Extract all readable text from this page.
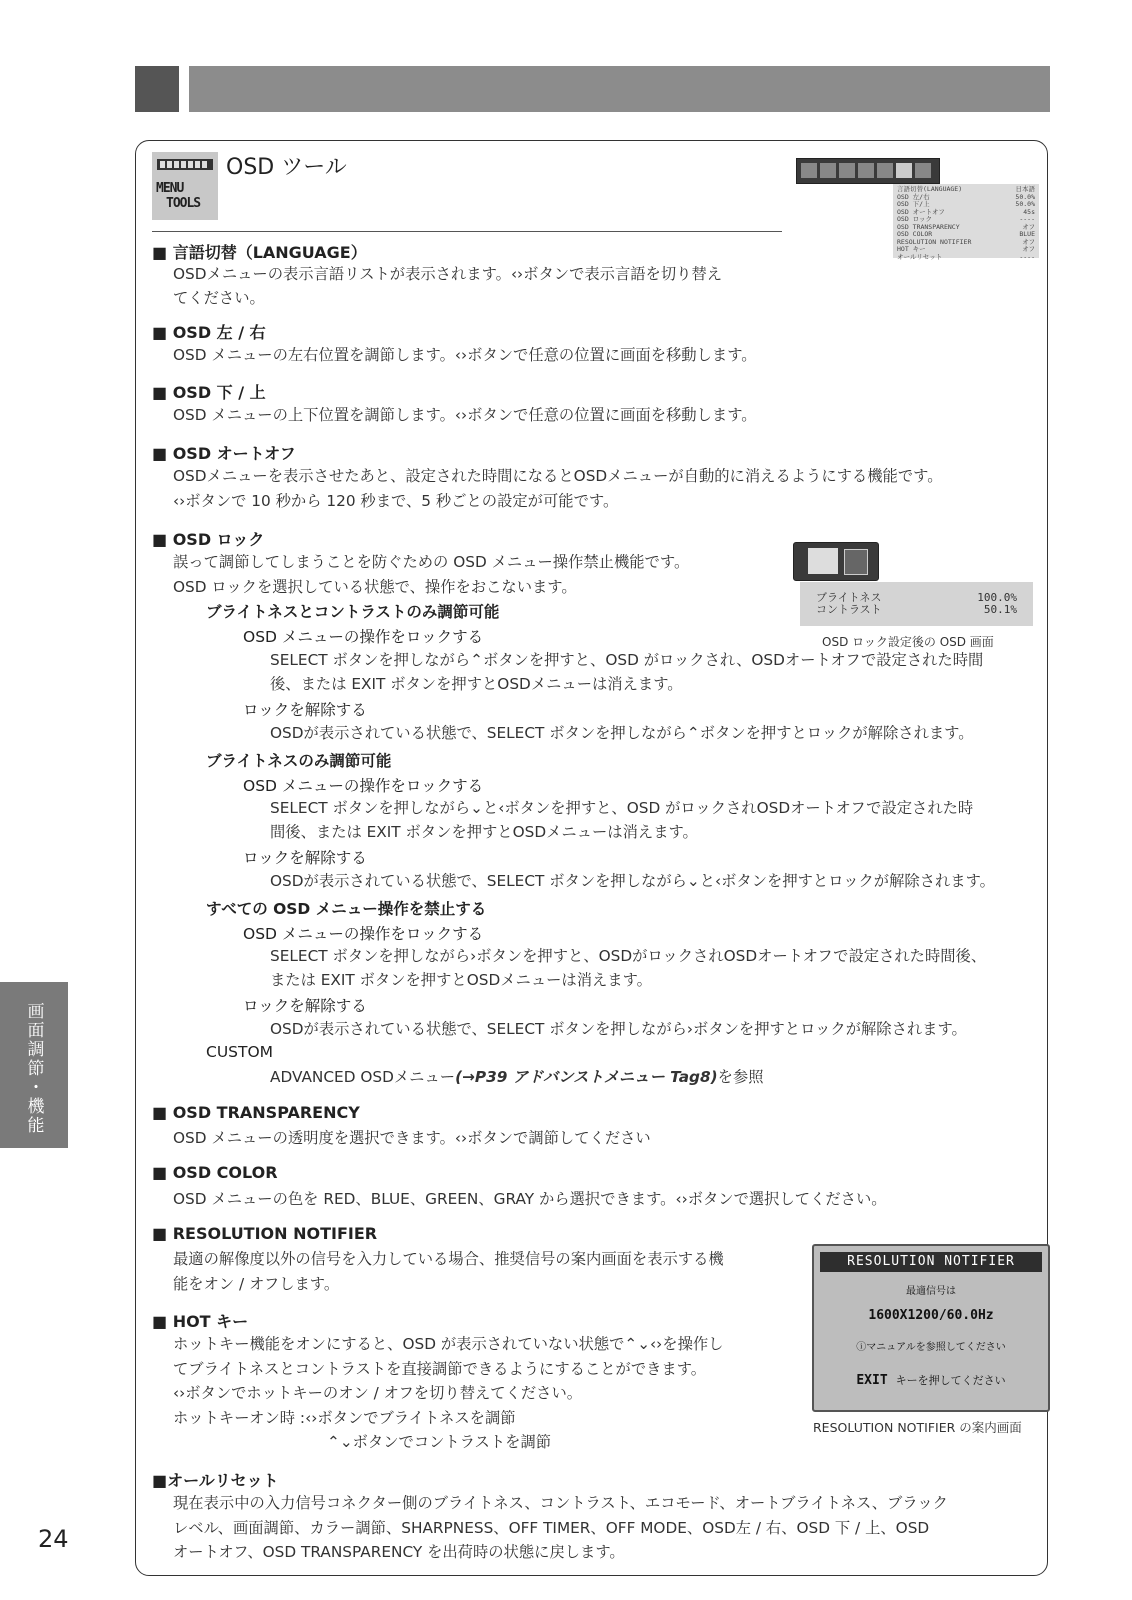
MENU
TOOLS
OSD ツール
言語切替(LANGUAGE)	日本語
OSD 左/右	50.0%
OSD 下/上	50.0%
OSD オートオフ	45s
OSD ロック	----
OSD TRANSPARENCY	オフ
OSD COLOR	BLUE
RESOLUTION NOTIFIER	オフ
HOT キー	オフ
オールリセット	----
■ 言語切替（LANGUAGE）
OSDメニューの表示言語リストが表示されます。‹›ボタンで表示言語を切り替え
てください。
■ OSD 左 / 右
OSD メニューの左右位置を調節します。‹›ボタンで任意の位置に画面を移動します。
■ OSD 下 / 上
OSD メニューの上下位置を調節します。‹›ボタンで任意の位置に画面を移動します。
■ OSD オートオフ
OSDメニューを表示させたあと、設定された時間になるとOSDメニューが自動的に消えるようにする機能です。
‹›ボタンで 10 秒から 120 秒まで、5 秒ごとの設定が可能です。
■ OSD ロック
誤って調節してしまうことを防ぐための OSD メニュー操作禁止機能です。
OSD ロックを選択している状態で、操作をおこないます。
ブライトネスとコントラストのみ調節可能
OSD メニューの操作をロックする
SELECT ボタンを押しながら⌃ボタンを押すと、OSD がロックされ、OSDオートオフで設定された時間
後、または EXIT ボタンを押すとOSDメニューは消えます。
ロックを解除する
OSDが表示されている状態で、SELECT ボタンを押しながら⌃ボタンを押すとロックが解除されます。
ブライトネスのみ調節可能
OSD メニューの操作をロックする
SELECT ボタンを押しながら⌄と‹ボタンを押すと、OSD がロックされOSDオートオフで設定された時
間後、または EXIT ボタンを押すとOSDメニューは消えます。
ロックを解除する
OSDが表示されている状態で、SELECT ボタンを押しながら⌄と‹ボタンを押すとロックが解除されます。
すべての OSD メニュー操作を禁止する
OSD メニューの操作をロックする
SELECT ボタンを押しながら›ボタンを押すと、OSDがロックされOSDオートオフで設定された時間後、
または EXIT ボタンを押すとOSDメニューは消えます。
ロックを解除する
OSDが表示されている状態で、SELECT ボタンを押しながら›ボタンを押すとロックが解除されます。
CUSTOM
ADVANCED OSDメニュー(→P39 アドバンストメニュー Tag8)を参照
ブライトネス	100.0%
コントラスト	50.1%
OSD ロック設定後の OSD 画面
■ OSD TRANSPARENCY
OSD メニューの透明度を選択できます。‹›ボタンで調節してください
■ OSD COLOR
OSD メニューの色を RED、BLUE、GREEN、GRAY から選択できます。‹›ボタンで選択してください。
■ RESOLUTION NOTIFIER
最適の解像度以外の信号を入力している場合、推奨信号の案内画面を表示する機
能をオン / オフします。
■ HOT キー
ホットキー機能をオンにすると、OSD が表示されていない状態で⌃⌄‹›を操作し
てブライトネスとコントラストを直接調節できるようにすることができます。
‹›ボタンでホットキーのオン / オフを切り替えてください。
ホットキーオン時 :‹›ボタンでブライトネスを調節
⌃⌄ボタンでコントラストを調節
RESOLUTION NOTIFIER
最適信号は
1600X1200/60.0Hz
ⓘマニュアルを参照してください
EXIT キーを押してください
RESOLUTION NOTIFIER の案内画面
■オールリセット
現在表示中の入力信号コネクター側のブライトネス、コントラスト、エコモード、オートブライトネス、ブラック
レベル、画面調節、カラー調節、SHARPNESS、OFF TIMER、OFF MODE、OSD左 / 右、OSD 下 / 上、OSD
オートオフ、OSD TRANSPARENCY を出荷時の状態に戻します。
画面調節・機能
24
